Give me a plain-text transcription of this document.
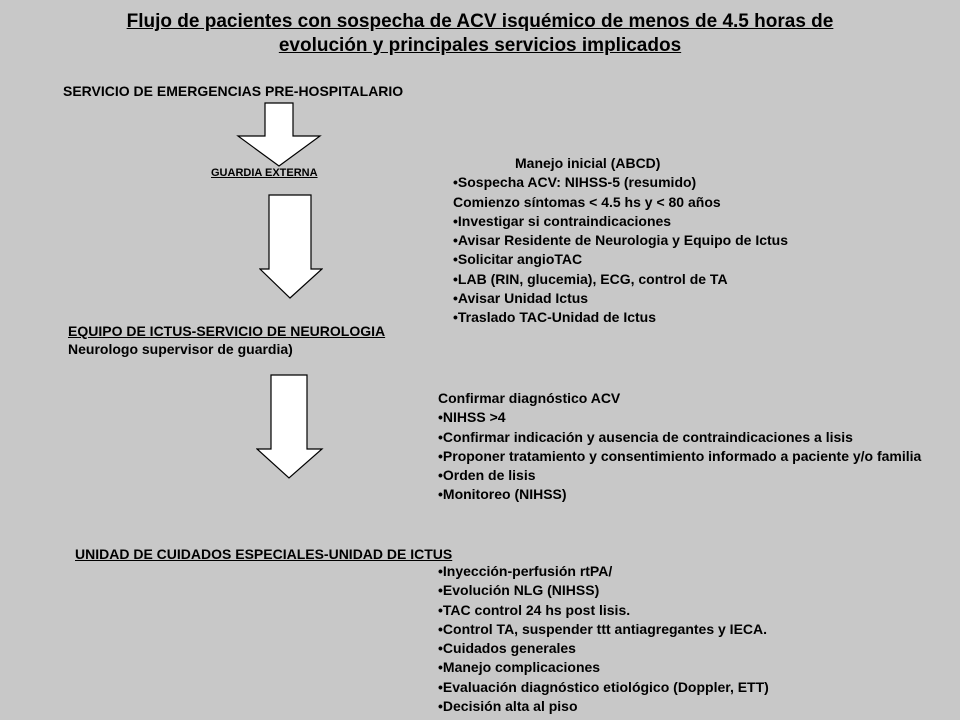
Flujo de pacientes con sospecha de ACV isquémico de menos de 4.5 horas de
evolución y principales servicios implicados
SERVICIO DE EMERGENCIAS PRE-HOSPITALARIO
GUARDIA EXTERNA
Manejo inicial (ABCD)
• Sospecha ACV: NIHSS-5 (resumido)
Comienzo síntomas < 4.5 hs y < 80 años
• Investigar si contraindicaciones
• Avisar Residente de Neurologia y Equipo de Ictus
• Solicitar angioTAC
• LAB (RIN, glucemia), ECG, control de TA
• Avisar Unidad Ictus
• Traslado TAC-Unidad de Ictus
EQUIPO DE ICTUS-SERVICIO DE NEUROLOGIA
Neurologo supervisor de guardia)
Confirmar diagnóstico ACV
• NIHSS >4
• Confirmar indicación y ausencia de contraindicaciones a lisis
• Proponer tratamiento y consentimiento informado a paciente y/o familia
• Orden de lisis
• Monitoreo (NIHSS)
UNIDAD DE CUIDADOS ESPECIALES-UNIDAD DE ICTUS
• Inyección-perfusión rtPA/
• Evolución NLG (NIHSS)
• TAC control 24 hs post lisis.
• Control TA, suspender ttt antiagregantes y IECA.
• Cuidados generales
• Manejo complicaciones
• Evaluación diagnóstico etiológico (Doppler, ETT)
• Decisión alta al piso
